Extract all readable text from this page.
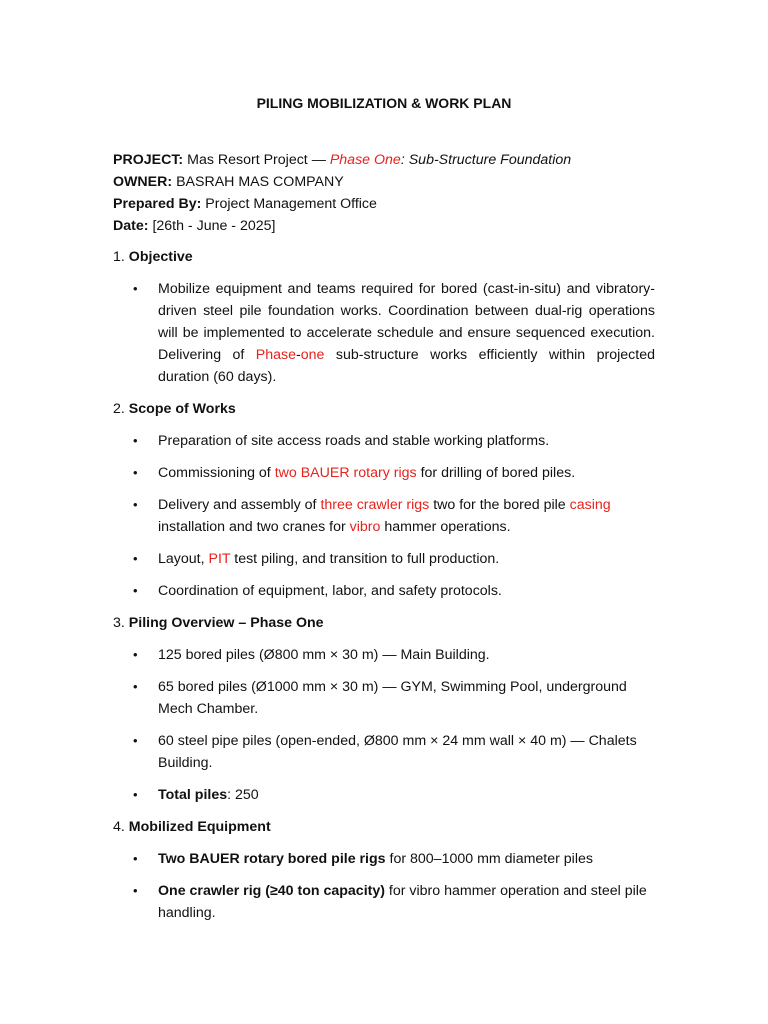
PILING MOBILIZATION & WORK PLAN

PROJECT: Mas Resort Project — Phase One: Sub-Structure Foundation

OWNER: BASRAH MAS COMPANY

Prepared By: Project Management Office

Date: [26th - June - 2025]

1. Objective
• Mobilize equipment and teams required for bored (cast-in-situ) and vibratory-driven steel pile foundation works. Coordination between dual-rig operations will be implemented to accelerate schedule and ensure sequenced execution. Delivering of Phase-one sub-structure works efficiently within projected duration (60 days).
2. Scope of Works
• Preparation of site access roads and stable working platforms.
• Commissioning of two BAUER rotary rigs for drilling of bored piles.
• Delivery and assembly of three crawler rigs two for the bored pile casing installation and two cranes for vibro hammer operations.
• Layout, PIT test piling, and transition to full production.
• Coordination of equipment, labor, and safety protocols.
3. Piling Overview – Phase One
• 125 bored piles (Ø800 mm × 30 m) — Main Building.
• 65 bored piles (Ø1000 mm × 30 m) — GYM, Swimming Pool, underground Mech Chamber.
• 60 steel pipe piles (open-ended, Ø800 mm × 24 mm wall × 40 m) — Chalets Building.
• Total piles: 250
4. Mobilized Equipment
• Two BAUER rotary bored pile rigs for 800–1000 mm diameter piles
• One crawler rig (≥40 ton capacity) for vibro hammer operation and steel pile handling.
